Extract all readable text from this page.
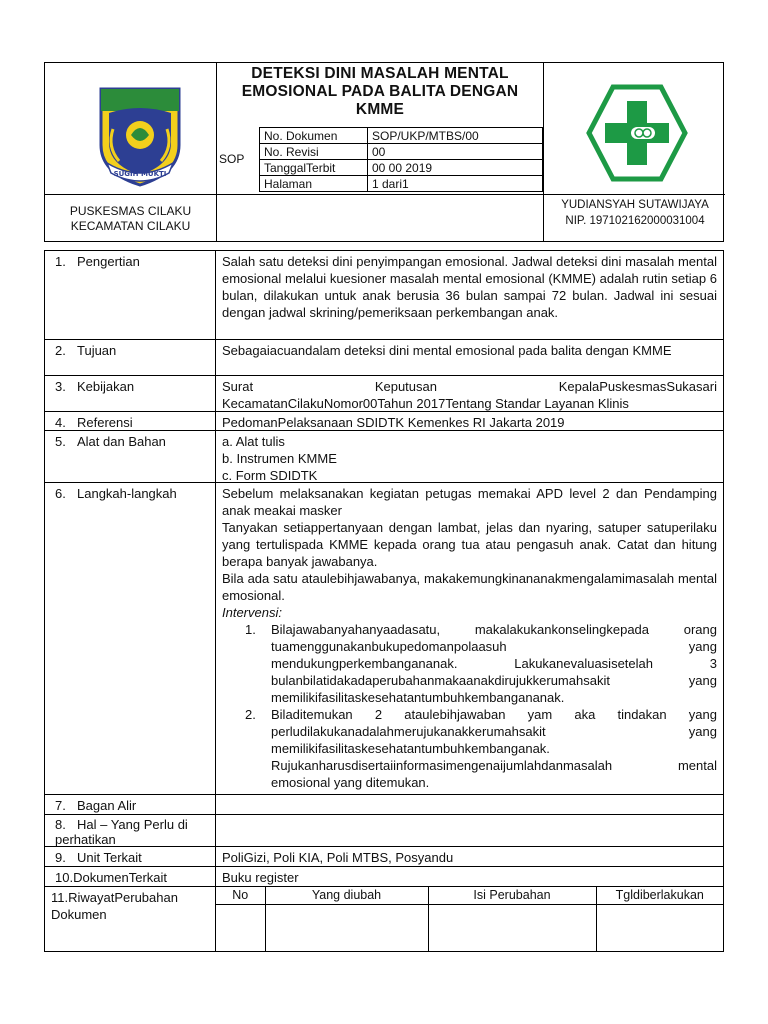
SUGIH MUKTI
DETEKSI DINI MASALAH MENTAL EMOSIONAL PADA BALITA DENGAN KMME
SOP
No. Dokumen	SOP/UKP/MTBS/00
No. Revisi	00
TanggalTerbit	00 00 2019
Halaman	1 dari1
PUSKESMAS CILAKU
KECAMATAN CILAKU
YUDIANSYAH SUTAWIJAYA
NIP. 197102162000031004
1. Pengertian	Salah satu deteksi dini penyimpangan emosional. Jadwal deteksi dini masalah mental emosional melalui kuesioner masalah mental emosional (KMME) adalah rutin setiap 6 bulan, dilakukan untuk anak berusia 36 bulan sampai 72 bulan. Jadwal ini sesuai dengan jadwal skrining/pemeriksaan perkembangan anak.
2. Tujuan	Sebagaiacuandalam deteksi dini mental emosional pada balita dengan KMME
3. Kebijakan	Surat Keputusan KepalaPuskesmasSukasari
KecamatanCilakuNomor00Tahun 2017Tentang Standar Layanan Klinis
4. Referensi	PedomanPelaksanaan SDIDTK Kemenkes RI Jakarta 2019
5. Alat dan Bahan	a. Alat tulis
b. Instrumen KMME
c. Form SDIDTK
6. Langkah-langkah	Sebelum melaksanakan kegiatan petugas memakai APD level 2 dan Pendamping anak meakai masker
Tanyakan setiappertanyaan dengan lambat, jelas dan nyaring, satuper satuperilaku yang tertulispada KMME kepada orang tua atau pengasuh anak. Catat dan hitung berapa banyak jawabanya.
Bila ada satu ataulebihjawabanya, makakemungkinananakmengalamimasalah mental emosional.
Intervensi:
1. Bilajawabanyahanyaadasatu, makalakukankonselingkepada orang tuamenggunakanbukupedomanpolaasuh yang mendukungperkembangananak. Lakukanevaluasisetelah 3 bulanbilatidakadaperubahanmakaanakdirujukkerumahsakit yang memilikifasilitaskesehatantumbuhkembangananak.
2. Biladitemukan 2 ataulebihjawaban yam aka tindakan yang perludilakukanadalahmerujukanakkerumahsakit yang memilikifasilitaskesehatantumbuhkembanganak. Rujukanharusdisertaiinformasimengenaijumlahdanmasalah mental emosional yang ditemukan.
7. Bagan Alir
8. Hal – Yang Perlu di perhatikan
9. Unit Terkait	PoliGizi, Poli KIA, Poli MTBS, Posyandu
10.DokumenTerkait	Buku register
11.RiwayatPerubahan Dokumen
No	Yang diubah	Isi Perubahan	Tgldiberlakukan
